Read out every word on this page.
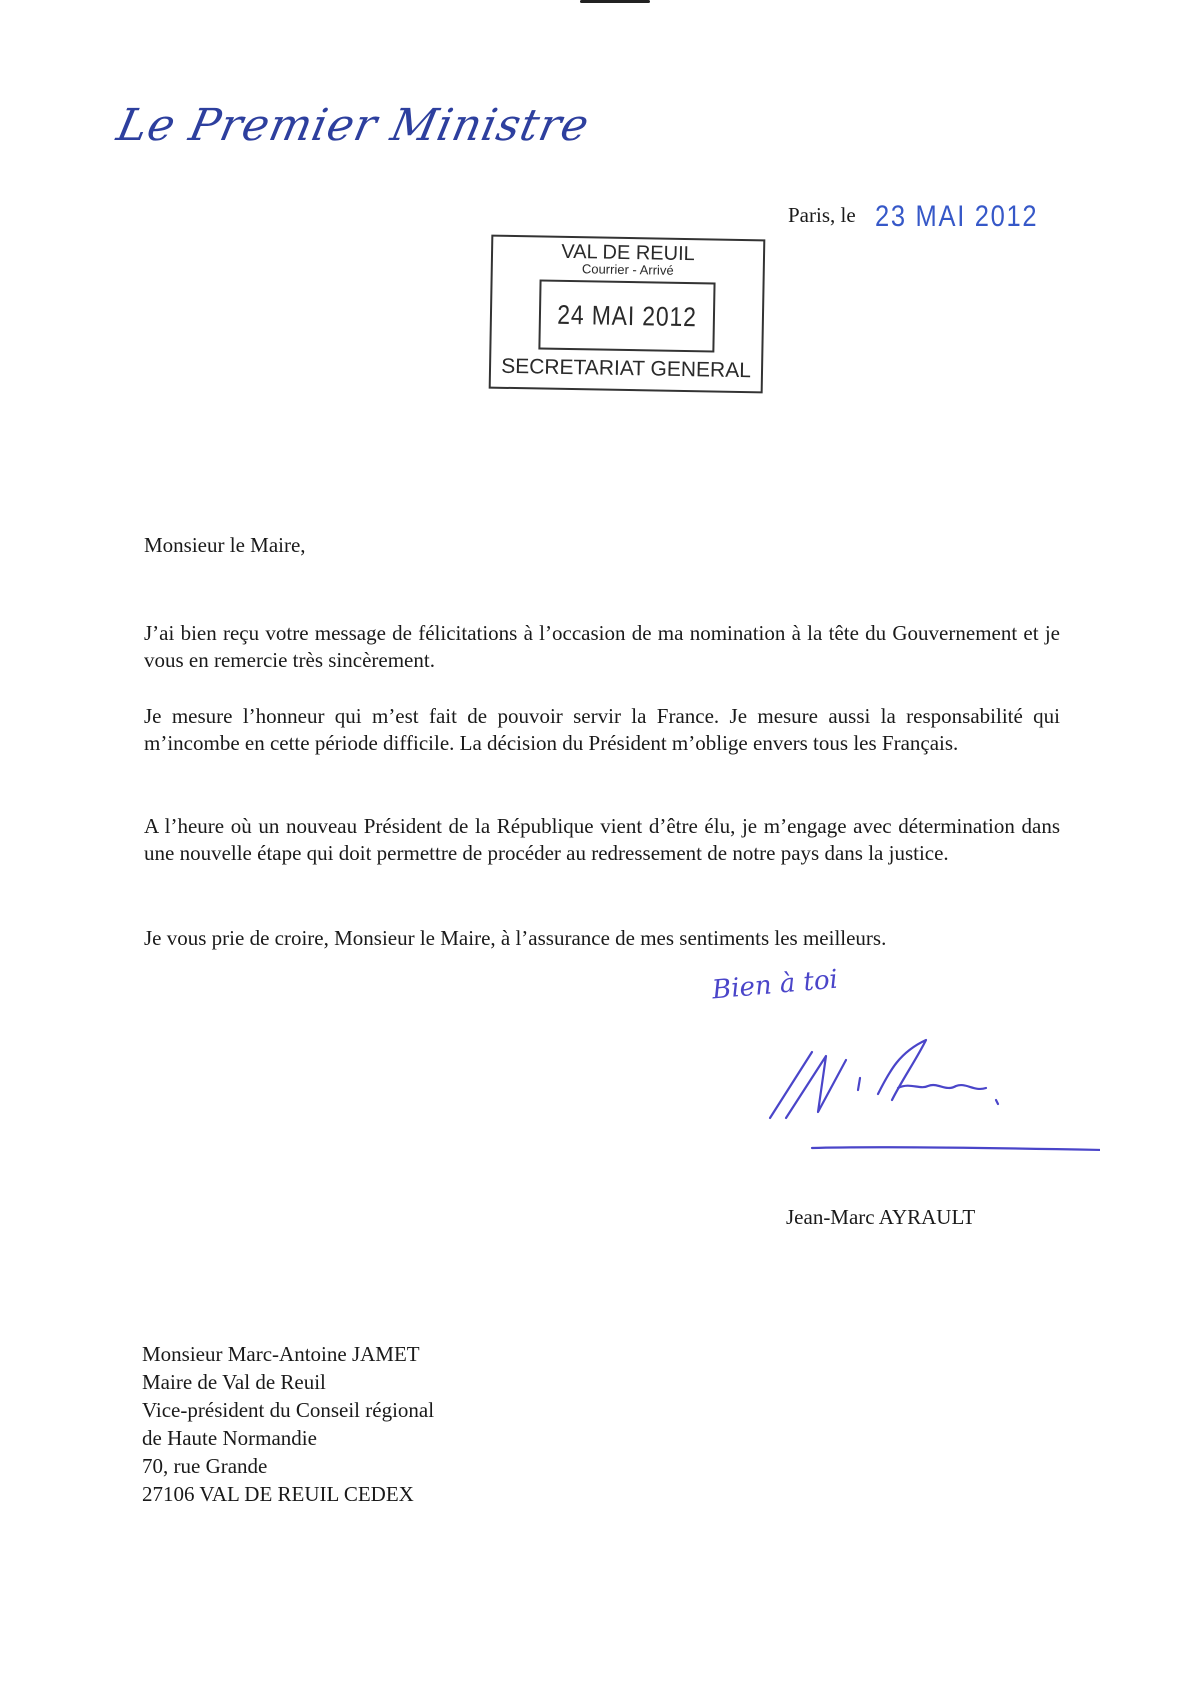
Le Premier Ministre
Paris, le 23 MAI 2012
VAL DE REUIL
Courrier - Arrivé
24 MAI 2012
SECRETARIAT GENERAL
Monsieur le Maire,

J’ai bien reçu votre message de félicitations à l’occasion de ma nomination à la tête du Gouvernement et je vous en remercie très sincèrement.

Je mesure l’honneur qui m’est fait de pouvoir servir la France. Je mesure aussi la responsabilité qui m’incombe en cette période difficile. La décision du Président m’oblige envers tous les Français.

A l’heure où un nouveau Président de la République vient d’être élu, je m’engage avec détermination dans une nouvelle étape qui doit permettre de procéder au redressement de notre pays dans la justice.

Je vous prie de croire, Monsieur le Maire, à l’assurance de mes sentiments les meilleurs.

Bien à toi
Jean-Marc AYRAULT
Monsieur Marc-Antoine JAMET
Maire de Val de Reuil
Vice-président du Conseil régional
de Haute Normandie
70, rue Grande
27106 VAL DE REUIL CEDEX
